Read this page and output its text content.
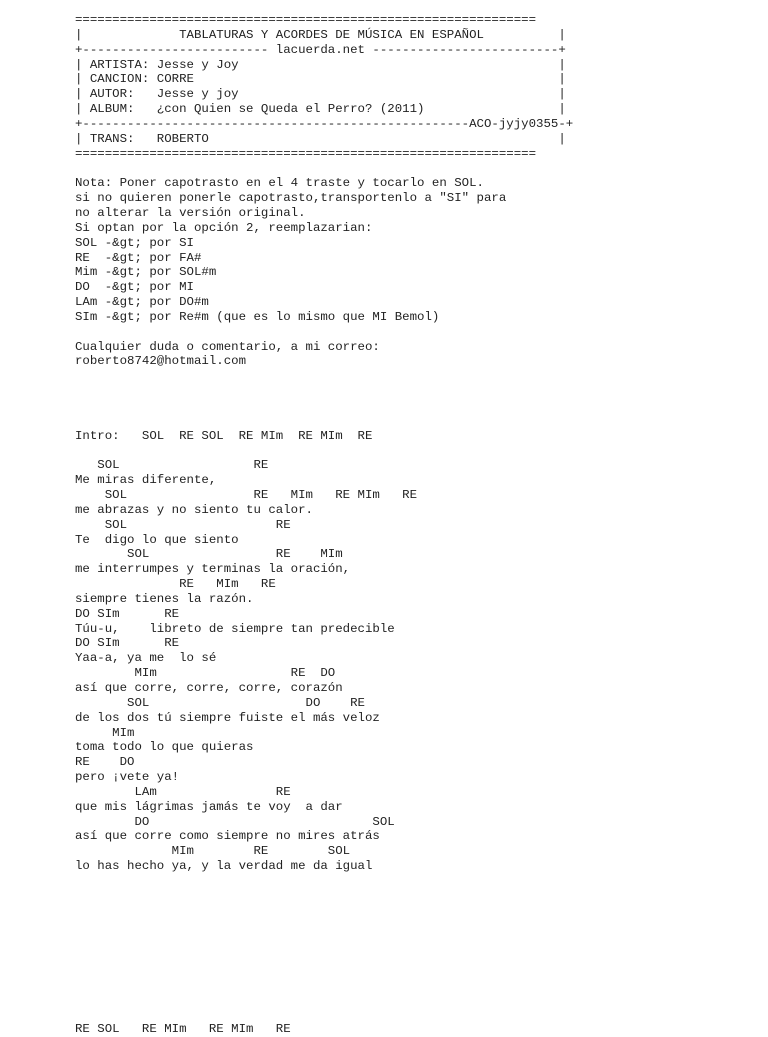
==============================================================
|             TABLATURAS Y ACORDES DE MÚSICA EN ESPAÑOL          |
+------------------------- lacuerda.net -------------------------+
| ARTISTA: Jesse y Joy                                           |
| CANCION: CORRE                                                 |
| AUTOR:   Jesse y joy                                           |
| ALBUM:   ¿con Quien se Queda el Perro? (2011)                  |
+----------------------------------------------------ACO-jyjy0355-+
| TRANS:   ROBERTO                                               |
==============================================================
Nota: Poner capotrasto en el 4 traste y tocarlo en SOL.
si no quieren ponerle capotrasto,transportenlo a "SI" para
no alterar la versión original.
Si optan por la opción 2, reemplazarian:
SOL -&gt; por SI
RE  -&gt; por FA#
Mim -&gt; por SOL#m
DO  -&gt; por MI
LAm -&gt; por DO#m
SIm -&gt; por Re#m (que es lo mismo que MI Bemol)
Cualquier duda o comentario, a mi correo:
roberto8742@hotmail.com
Intro:   SOL  RE SOL  RE MIm  RE MIm  RE
SOL                  RE
Me miras diferente,
SOL                 RE   MIm   RE MIm   RE
me abrazas y no siento tu calor.
SOL                    RE
Te  digo lo que siento
SOL                 RE    MIm
me interrumpes y terminas la oración,
RE   MIm   RE
siempre tienes la razón.
DO SIm      RE
Túu-u,    libreto de siempre tan predecible
DO SIm      RE
Yaa-a, ya me  lo sé
MIm                  RE  DO
así que corre, corre, corre, corazón
SOL                     DO    RE
de los dos tú siempre fuiste el más veloz
MIm
toma todo lo que quieras
RE    DO
pero ¡vete ya!
LAm                RE
que mis lágrimas jamás te voy  a dar
DO                              SOL
así que corre como siempre no mires atrás
MIm        RE        SOL
lo has hecho ya, y la verdad me da igual
RE SOL   RE MIm   RE MIm   RE
